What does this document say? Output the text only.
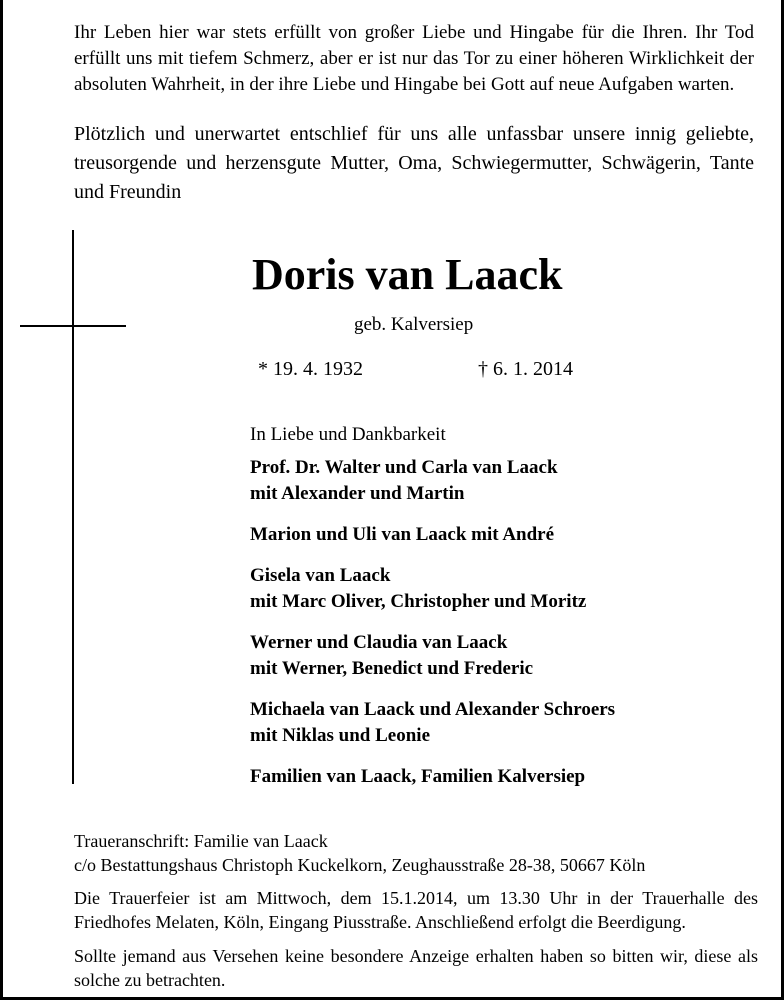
Ihr Leben hier war stets erfüllt von großer Liebe und Hingabe für die Ihren. Ihr Tod erfüllt uns mit tiefem Schmerz, aber er ist nur das Tor zu einer höheren Wirklichkeit der absoluten Wahrheit, in der ihre Liebe und Hingabe bei Gott auf neue Aufgaben warten.

Plötzlich und unerwartet entschlief für uns alle unfassbar unsere innig geliebte, treusorgende und herzensgute Mutter, Oma, Schwiegermutter, Schwägerin, Tante und Freundin

Doris van Laack
geb. Kalversiep
* 19. 4. 1932	† 6. 1. 2014

In Liebe und Dankbarkeit

Prof. Dr. Walter und Carla van Laack
mit Alexander und Martin

Marion und Uli van Laack mit André

Gisela van Laack
mit Marc Oliver, Christopher und Moritz

Werner und Claudia van Laack
mit Werner, Benedict und Frederic

Michaela van Laack und Alexander Schroers
mit Niklas und Leonie

Familien van Laack, Familien Kalversiep

Traueranschrift: Familie van Laack
c/o Bestattungshaus Christoph Kuckelkorn, Zeughausstraße 28-38, 50667 Köln

Die Trauerfeier ist am Mittwoch, dem 15.1.2014, um 13.30 Uhr in der Trauerhalle des Friedhofes Melaten, Köln, Eingang Piusstraße. Anschließend erfolgt die Beerdigung.

Sollte jemand aus Versehen keine besondere Anzeige erhalten haben so bitten wir, diese als solche zu betrachten.
